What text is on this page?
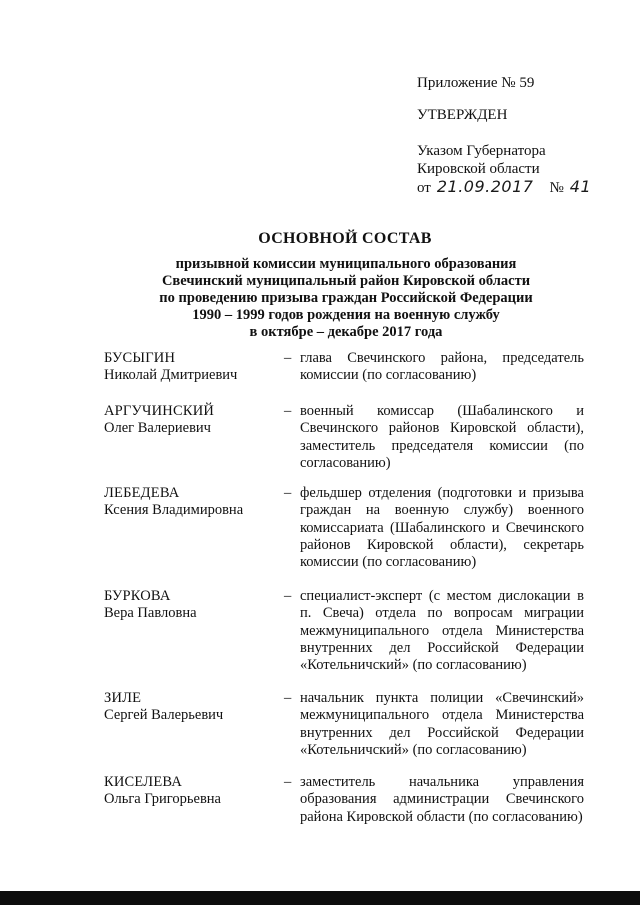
Приложение № 59
УТВЕРЖДЕН
Указом Губернатора
Кировской области
от 21.09.2017 № 41
ОСНОВНОЙ СОСТАВ
призывной комиссии муниципального образования
Свечинский муниципальный район Кировской области
по проведению призыва граждан Российской Федерации
1990 – 1999 годов рождения на военную службу
в октябре – декабре 2017 года
БУСЫГИН
Николай Дмитриевич
– глава Свечинского района, председатель комиссии (по согласованию)
АРГУЧИНСКИЙ
Олег Валериевич
– военный комиссар (Шабалинского и Свечинского районов Кировской области), заместитель председателя комиссии (по согласованию)
ЛЕБЕДЕВА
Ксения Владимировна
– фельдшер отделения (подготовки и призыва граждан на военную службу) военного комиссариата (Шабалинского и Свечинского районов Кировской области), секретарь комиссии (по согласованию)
БУРКОВА
Вера Павловна
– специалист-эксперт (с местом дислокации в п. Свеча) отдела по вопросам миграции межмуниципального отдела Министерства внутренних дел Российской Федерации «Котельничский» (по согласованию)
ЗИЛЕ
Сергей Валерьевич
– начальник пункта полиции «Свечинский» межмуниципального отдела Министерства внутренних дел Российской Федерации «Котельничский» (по согласованию)
КИСЕЛЕВА
Ольга Григорьевна
– заместитель начальника управления образования администрации Свечинского района Кировской области (по согласованию)
